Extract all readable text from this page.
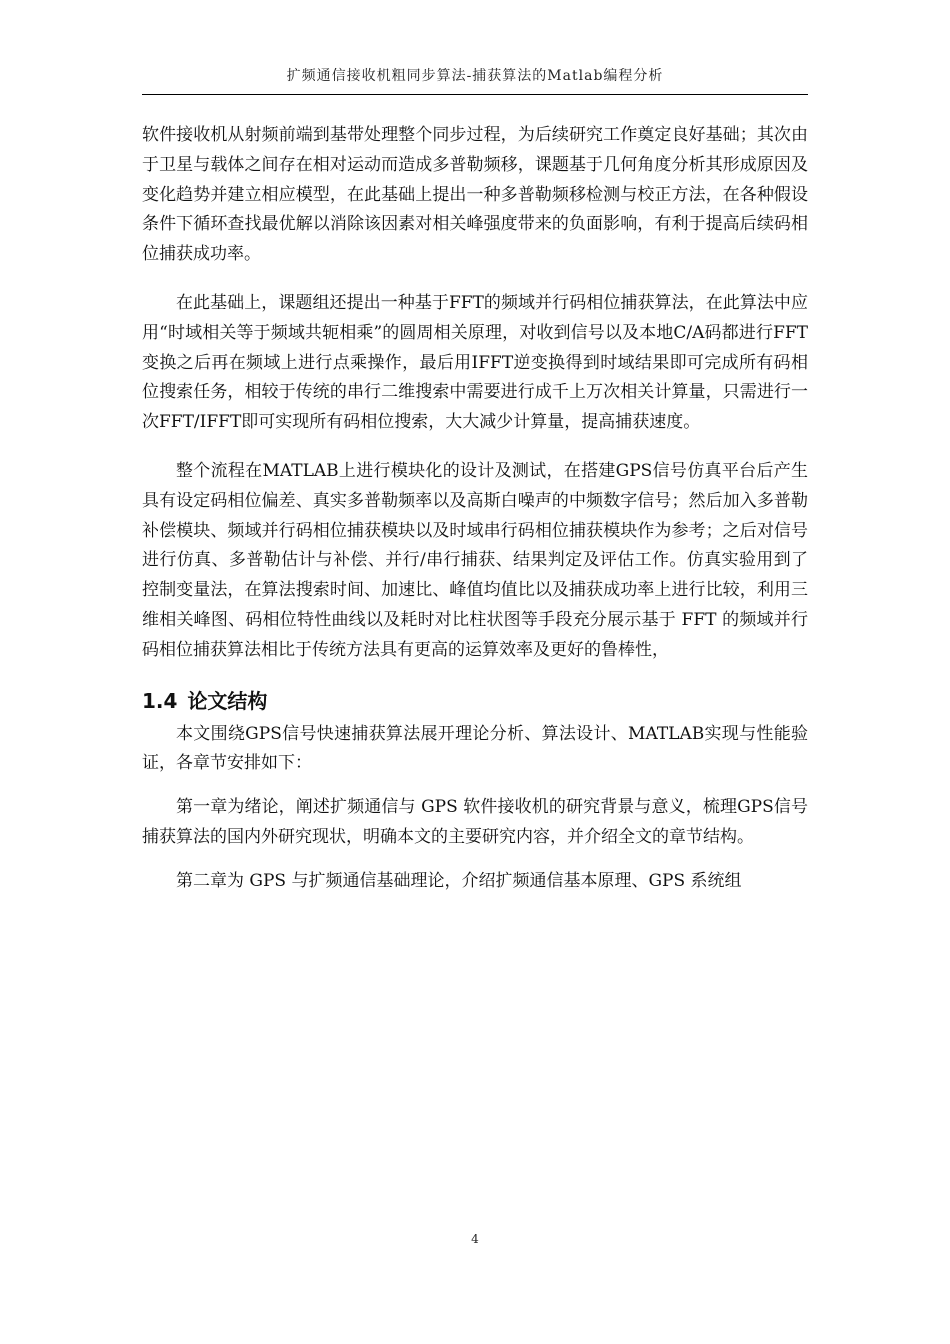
扩频通信接收机粗同步算法-捕获算法的Matlab编程分析

软件接收机从射频前端到基带处理整个同步过程，为后续研究工作奠定良好基础；其次由于卫星与载体之间存在相对运动而造成多普勒频移，课题基于几何角度分析其形成原因及变化趋势并建立相应模型，在此基础上提出一种多普勒频移检测与校正方法，在各种假设条件下循环查找最优解以消除该因素对相关峰强度带来的负面影响，有利于提高后续码相位捕获成功率。

在此基础上，课题组还提出一种基于FFT的频域并行码相位捕获算法，在此算法中应用“时域相关等于频域共轭相乘”的圆周相关原理，对收到信号以及本地C/A码都进行FFT变换之后再在频域上进行点乘操作，最后用IFFT逆变换得到时域结果即可完成所有码相位搜索任务，相较于传统的串行二维搜索中需要进行成千上万次相关计算量，只需进行一次FFT/IFFT即可实现所有码相位搜索，大大减少计算量，提高捕获速度。

整个流程在MATLAB上进行模块化的设计及测试，在搭建GPS信号仿真平台后产生具有设定码相位偏差、真实多普勒频率以及高斯白噪声的中频数字信号；然后加入多普勒补偿模块、频域并行码相位捕获模块以及时域串行码相位捕获模块作为参考；之后对信号进行仿真、多普勒估计与补偿、并行/串行捕获、结果判定及评估工作。仿真实验用到了控制变量法，在算法搜索时间、加速比、峰值均值比以及捕获成功率上进行比较，利用三维相关峰图、码相位特性曲线以及耗时对比柱状图等手段充分展示基于 FFT 的频域并行码相位捕获算法相比于传统方法具有更高的运算效率及更好的鲁棒性，

1.4 论文结构

本文围绕GPS信号快速捕获算法展开理论分析、算法设计、MATLAB实现与性能验证，各章节安排如下：

第一章为绪论，阐述扩频通信与 GPS 软件接收机的研究背景与意义，梳理GPS信号捕获算法的国内外研究现状，明确本文的主要研究内容，并介绍全文的章节结构。

第二章为 GPS 与扩频通信基础理论，介绍扩频通信基本原理、GPS 系统组

4
